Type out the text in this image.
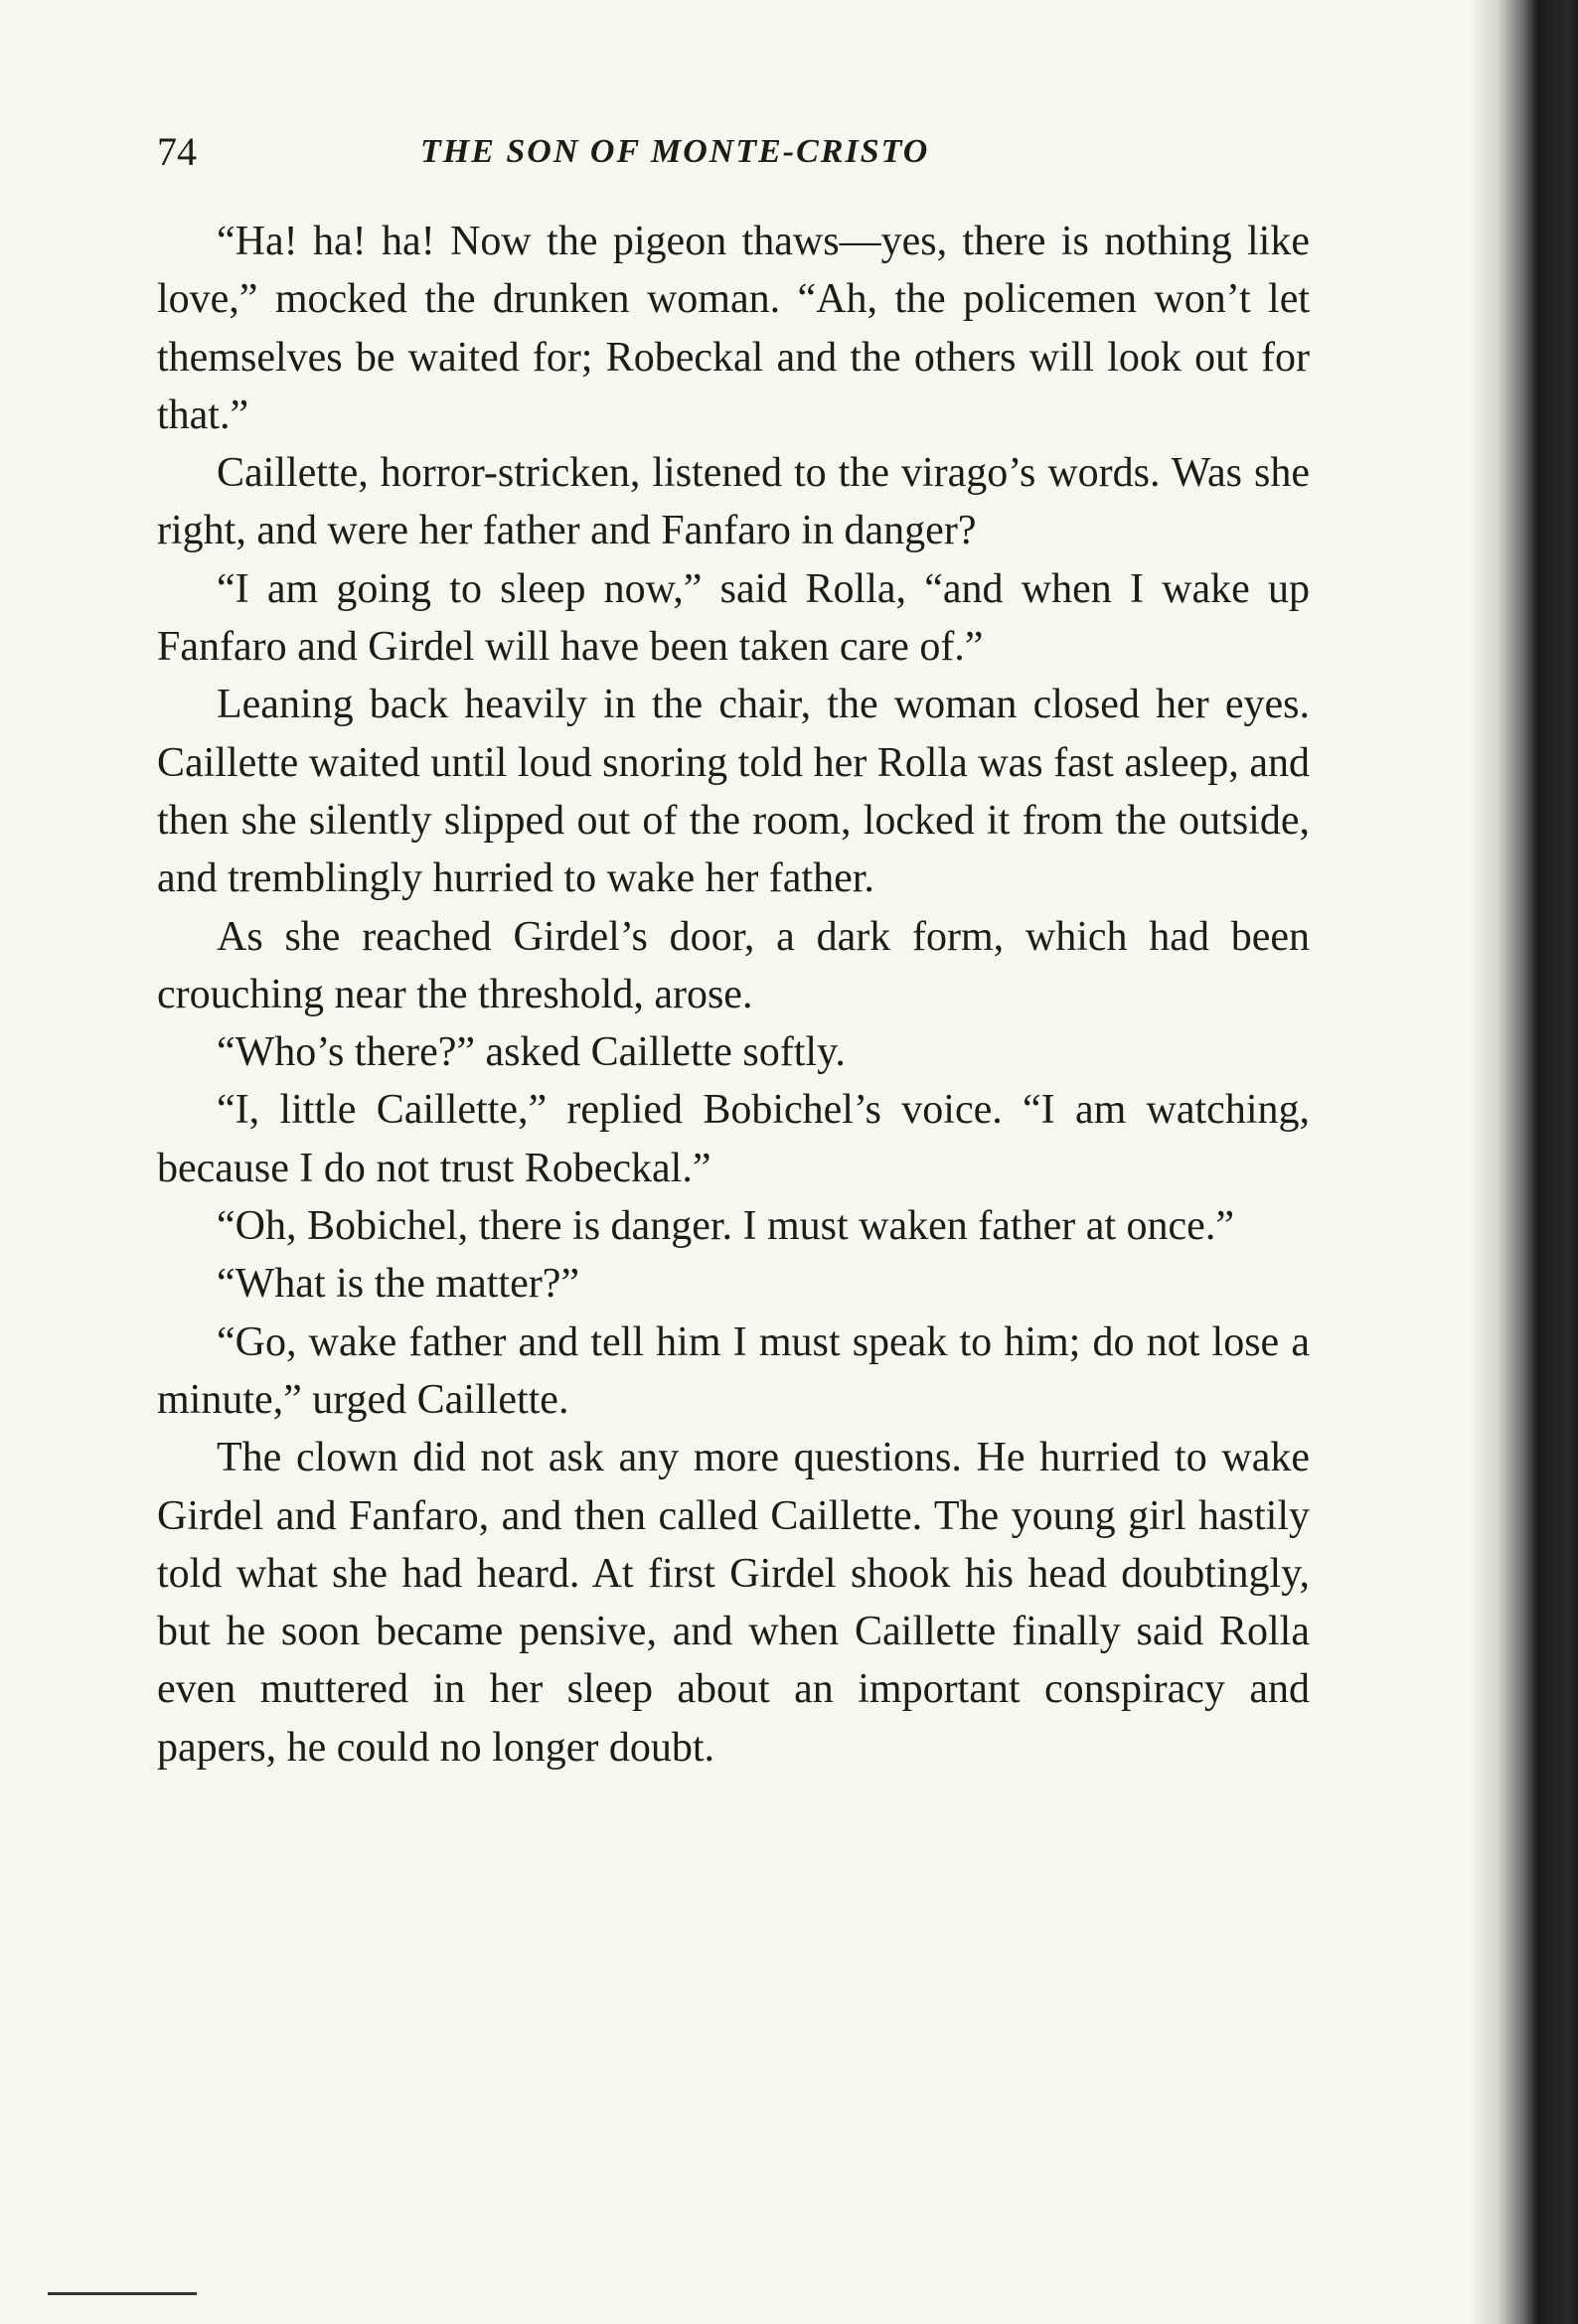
74	THE SON OF MONTE-CRISTO

“Ha! ha! ha! Now the pigeon thaws—yes, there is nothing like love,” mocked the drunken woman. “Ah, the policemen won’t let themselves be waited for; Robeckal and the others will look out for that.”

Caillette, horror-stricken, listened to the virago’s words. Was she right, and were her father and Fanfaro in danger?

“I am going to sleep now,” said Rolla, “and when I wake up Fanfaro and Girdel will have been taken care of.”

Leaning back heavily in the chair, the woman closed her eyes. Caillette waited until loud snoring told her Rolla was fast asleep, and then she silently slipped out of the room, locked it from the outside, and tremblingly hurried to wake her father.

As she reached Girdel’s door, a dark form, which had been crouching near the threshold, arose.

“Who’s there?” asked Caillette softly.

“I, little Caillette,” replied Bobichel’s voice. “I am watching, because I do not trust Robeckal.”

“Oh, Bobichel, there is danger. I must waken father at once.”

“What is the matter?”

“Go, wake father and tell him I must speak to him; do not lose a minute,” urged Caillette.

The clown did not ask any more questions. He hurried to wake Girdel and Fanfaro, and then called Caillette. The young girl hastily told what she had heard. At first Girdel shook his head doubtingly, but he soon became pensive, and when Caillette finally said Rolla even muttered in her sleep about an important conspiracy and papers, he could no longer doubt.
